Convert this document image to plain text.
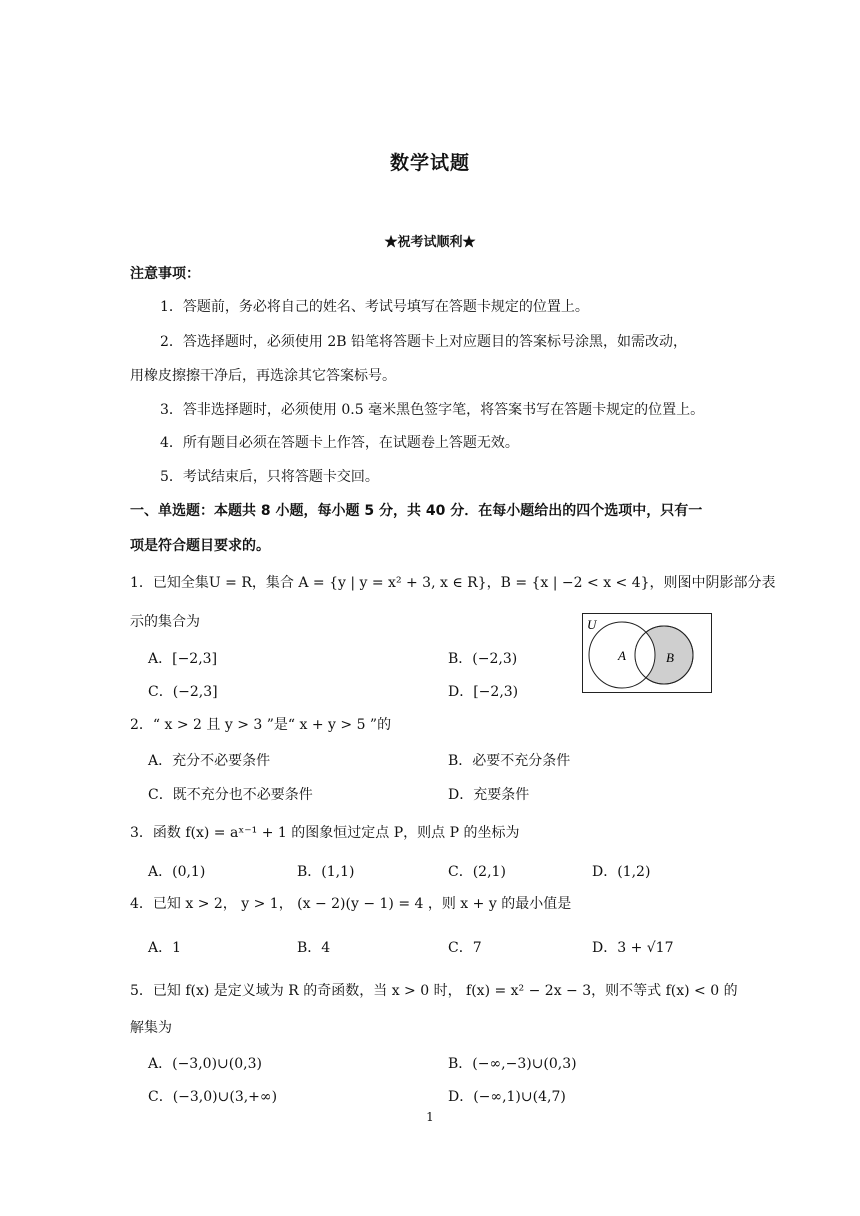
数学试题
★祝考试顺利★
注意事项：
1．答题前，务必将自己的姓名、考试号填写在答题卡规定的位置上。
2．答选择题时，必须使用 2B 铅笔将答题卡上对应题目的答案标号涂黑，如需改动，
用橡皮擦擦干净后，再选涂其它答案标号。
3．答非选择题时，必须使用 0.5 毫米黑色签字笔，将答案书写在答题卡规定的位置上。
4．所有题目必须在答题卡上作答，在试题卷上答题无效。
5．考试结束后，只将答题卡交回。
一、单选题：本题共 8 小题，每小题 5 分，共 40 分．在每小题给出的四个选项中，只有一
项是符合题目要求的。
1．已知全集U = R，集合 A = {y | y = x² + 3, x ∈ R}，B = {x | −2 < x < 4}，则图中阴影部分表
示的集合为
A．[−2,3]	B．(−2,3)
C．(−2,3]	D．[−2,3)
U
A	B
2．“ x > 2 且 y > 3 ”是“ x + y > 5 ”的
A．充分不必要条件	B．必要不充分条件
C．既不充分也不必要条件	D．充要条件
3．函数 f(x) = aˣ⁻¹ + 1 的图象恒过定点 P，则点 P 的坐标为
A．(0,1)	B．(1,1)	C．(2,1)	D．(1,2)
4．已知 x > 2， y > 1， (x − 2)(y − 1) = 4 ，则 x + y 的最小值是
A．1	B．4	C．7	D．3 + √17
5．已知 f(x) 是定义域为 R 的奇函数，当 x > 0 时， f(x) = x² − 2x − 3，则不等式 f(x) < 0 的
解集为
A．(−3,0)∪(0,3)	B．(−∞,−3)∪(0,3)
C．(−3,0)∪(3,+∞)	D．(−∞,1)∪(4,7)
1
